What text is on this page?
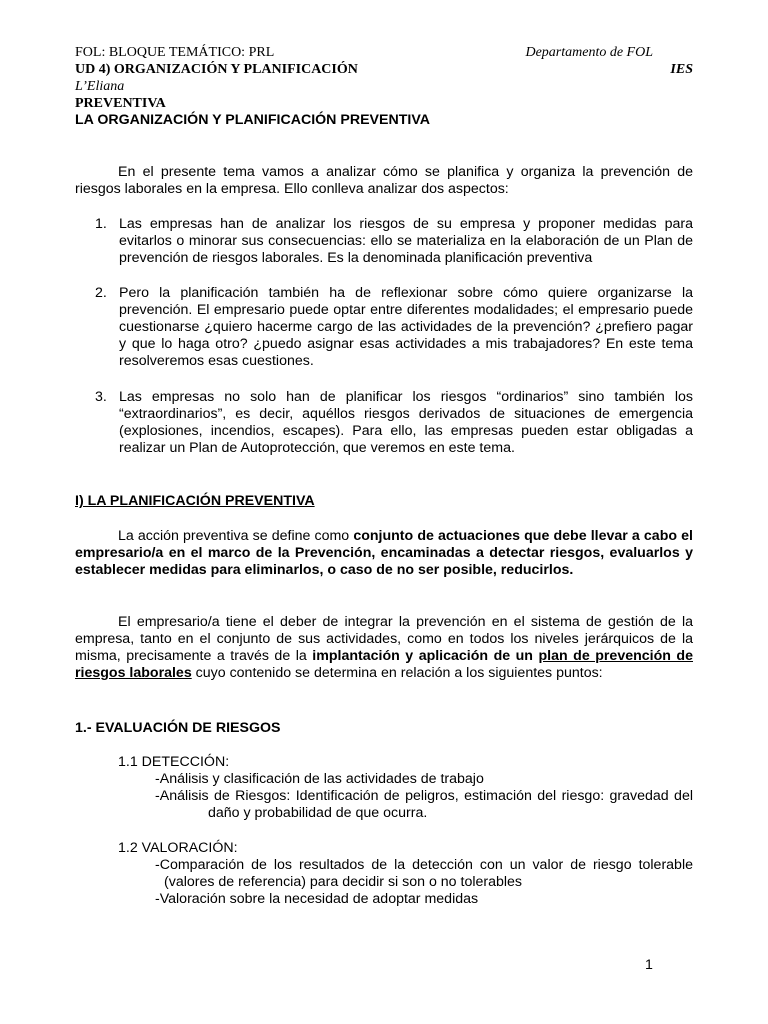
FOL: BLOQUE TEMÁTICO: PRL	Departamento de FOL
UD 4) ORGANIZACIÓN Y PLANIFICACIÓN	IES
L’Eliana
PREVENTIVA
LA ORGANIZACIÓN Y PLANIFICACIÓN PREVENTIVA
En el presente tema vamos a analizar cómo se planifica y organiza la prevención de riesgos laborales en la empresa. Ello conlleva analizar dos aspectos:
1. Las empresas han de analizar los riesgos de su empresa y proponer medidas para evitarlos o minorar sus consecuencias: ello se materializa en la elaboración de un Plan de prevención de riesgos laborales. Es la denominada planificación preventiva
2. Pero la planificación también ha de reflexionar sobre cómo quiere organizarse la prevención. El empresario puede optar entre diferentes modalidades; el empresario puede cuestionarse ¿quiero hacerme cargo de las actividades de la prevención? ¿prefiero pagar y que lo haga otro? ¿puedo asignar esas actividades a mis trabajadores? En este tema resolveremos esas cuestiones.
3. Las empresas no solo han de planificar los riesgos “ordinarios” sino también los “extraordinarios”, es decir, aquéllos riesgos derivados de situaciones de emergencia (explosiones, incendios, escapes). Para ello, las empresas pueden estar obligadas a realizar un Plan de Autoprotección, que veremos en este tema.
I) LA PLANIFICACIÓN PREVENTIVA
La acción preventiva se define como conjunto de actuaciones que debe llevar a cabo el empresario/a en el marco de la Prevención, encaminadas a detectar riesgos, evaluarlos y establecer medidas para eliminarlos, o caso de no ser posible, reducirlos.
El empresario/a tiene el deber de integrar la prevención en el sistema de gestión de la empresa, tanto en el conjunto de sus actividades, como en todos los niveles jerárquicos de la misma, precisamente a través de la implantación y aplicación de un plan de prevención de riesgos laborales cuyo contenido se determina en relación a los siguientes puntos:
1.- EVALUACIÓN DE RIESGOS
1.1 DETECCIÓN:
-Análisis y clasificación de las actividades de trabajo
-Análisis de Riesgos: Identificación de peligros, estimación del riesgo: gravedad del daño y probabilidad de que ocurra.
1.2 VALORACIÓN:
-Comparación de los resultados de la detección con un valor de riesgo tolerable (valores de referencia) para decidir si son o no tolerables
-Valoración sobre la necesidad de adoptar medidas
1
